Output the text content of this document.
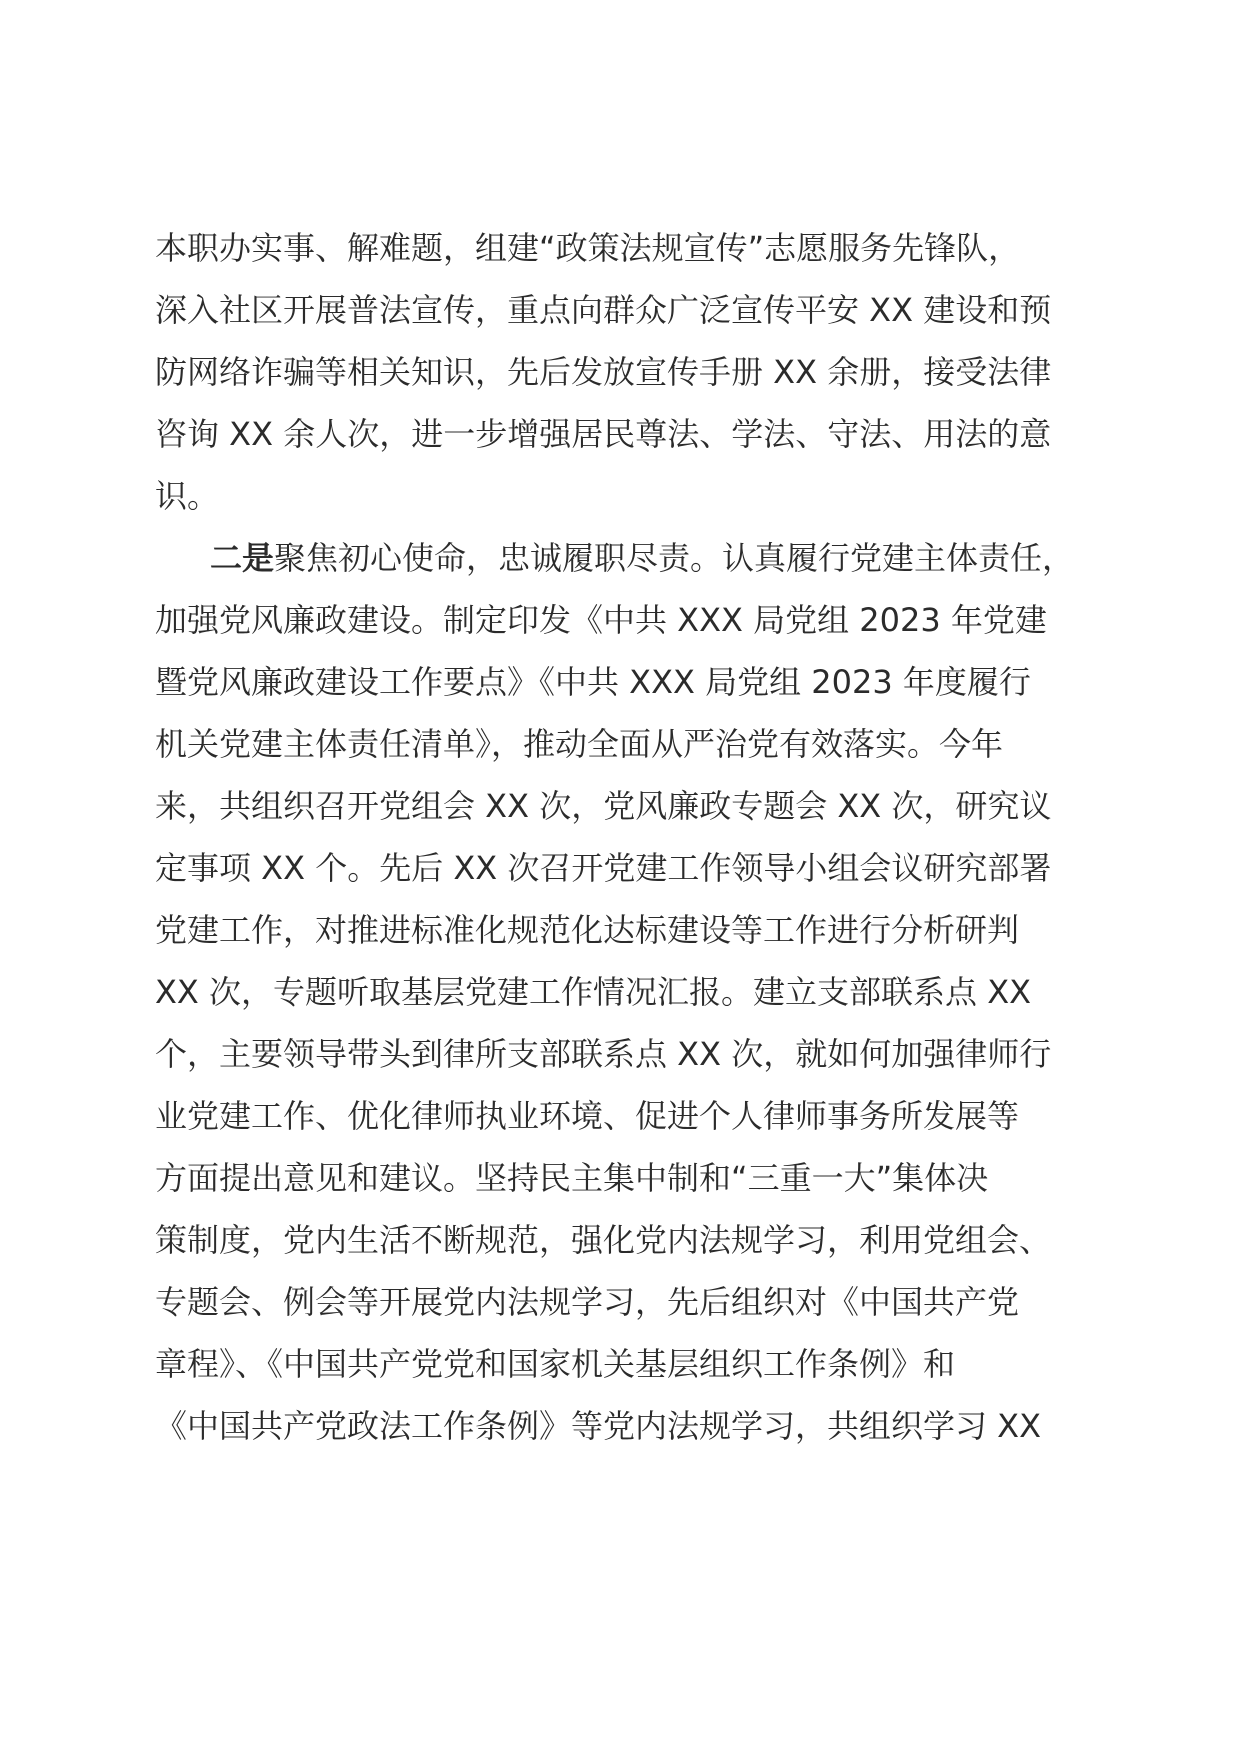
本职办实事、解难题，组建“政策法规宣传”志愿服务先锋队，
深入社区开展普法宣传，重点向群众广泛宣传平安 XX 建设和预
防网络诈骗等相关知识，先后发放宣传手册 XX 余册，接受法律
咨询 XX 余人次，进一步增强居民尊法、学法、守法、用法的意
识。
二是聚焦初心使命，忠诚履职尽责。认真履行党建主体责任，
加强党风廉政建设。制定印发《中共 XXX 局党组 2023 年党建
暨党风廉政建设工作要点》《中共 XXX 局党组 2023 年度履行
机关党建主体责任清单》，推动全面从严治党有效落实。今年
来，共组织召开党组会 XX 次，党风廉政专题会 XX 次，研究议
定事项 XX 个。先后 XX 次召开党建工作领导小组会议研究部署
党建工作，对推进标准化规范化达标建设等工作进行分析研判
XX 次，专题听取基层党建工作情况汇报。建立支部联系点 XX
个，主要领导带头到律所支部联系点 XX 次，就如何加强律师行
业党建工作、优化律师执业环境、促进个人律师事务所发展等
方面提出意见和建议。坚持民主集中制和“三重一大”集体决
策制度，党内生活不断规范，强化党内法规学习，利用党组会、
专题会、例会等开展党内法规学习，先后组织对《中国共产党
章程》、《中国共产党党和国家机关基层组织工作条例》和
《中国共产党政法工作条例》等党内法规学习，共组织学习 XX
